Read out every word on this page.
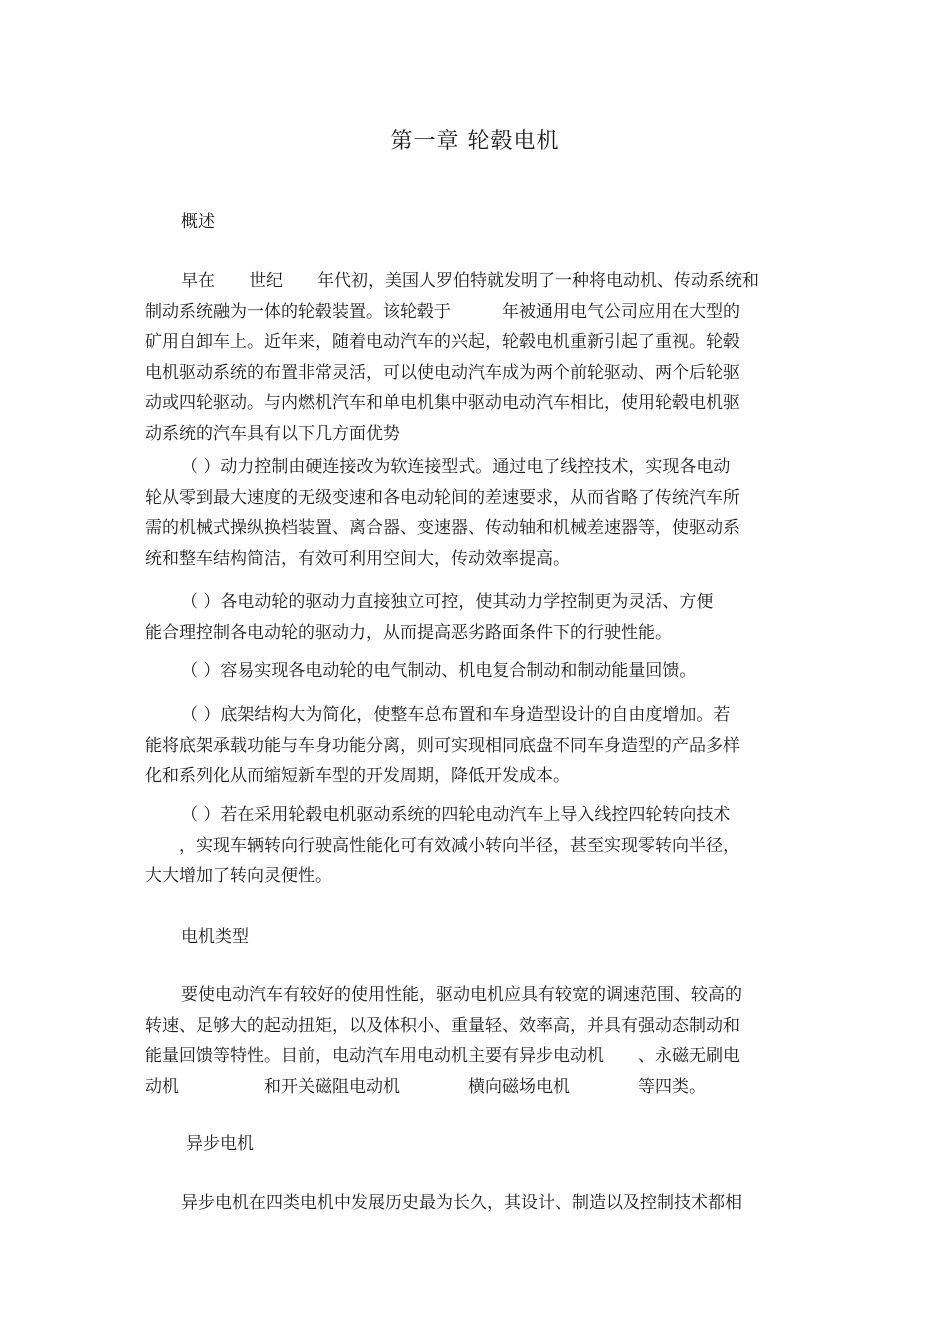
第一章 轮毂电机
概述
早在　　世纪　　年代初，美国人罗伯特就发明了一种将电动机、传动系统和
制动系统融为一体的轮毂装置。该轮毂于　　　年被通用电气公司应用在大型的
矿用自卸车上。近年来，随着电动汽车的兴起，轮毂电机重新引起了重视。轮毂
电机驱动系统的布置非常灵活，可以使电动汽车成为两个前轮驱动、两个后轮驱
动或四轮驱动。与内燃机汽车和单电机集中驱动电动汽车相比，使用轮毂电机驱
动系统的汽车具有以下几方面优势
（ ）动力控制由硬连接改为软连接型式。通过电了线控技术，实现各电动
轮从零到最大速度的无级变速和各电动轮间的差速要求，从而省略了传统汽车所
需的机械式操纵换档装置、离合器、变速器、传动轴和机械差速器等，使驱动系
统和整车结构简洁，有效可利用空间大，传动效率提高。
（ ）各电动轮的驱动力直接独立可控，使其动力学控制更为灵活、方便
能合理控制各电动轮的驱动力，从而提高恶劣路面条件下的行驶性能。
（ ）容易实现各电动轮的电气制动、机电复合制动和制动能量回馈。
（ ）底架结构大为简化，使整车总布置和车身造型设计的自由度增加。若
能将底架承载功能与车身功能分离，则可实现相同底盘不同车身造型的产品多样
化和系列化从而缩短新车型的开发周期，降低开发成本。
（ ）若在采用轮毂电机驱动系统的四轮电动汽车上导入线控四轮转向技术
　　，实现车辆转向行驶高性能化可有效减小转向半径，甚至实现零转向半径，
大大增加了转向灵便性。
电机类型
要使电动汽车有较好的使用性能，驱动电机应具有较宽的调速范围、较高的
转速、足够大的起动扭矩，以及体积小、重量轻、效率高，并具有强动态制动和
能量回馈等特性。目前，电动汽车用电动机主要有异步电动机　　、永磁无刷电
动机　　　　　和开关磁阻电动机　　　　横向磁场电机　　　　等四类。
异步电机
异步电机在四类电机中发展历史最为长久，其设计、制造以及控制技术都相
